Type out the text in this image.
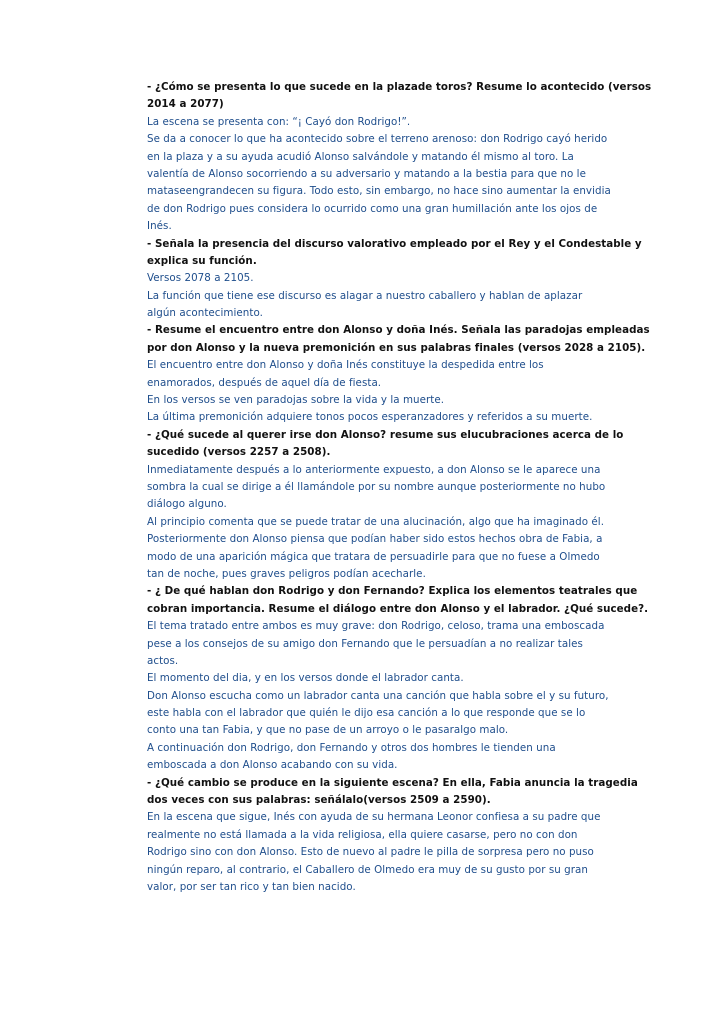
- ¿Cómo se presenta lo que sucede en la plazade toros? Resume lo acontecido (versos
2014 a 2077)
La escena se presenta con: “¡ Cayó don Rodrigo!”.
Se da a conocer lo que ha acontecido sobre el terreno arenoso: don Rodrigo cayó herido
en la plaza y a su ayuda acudió Alonso salvándole y matando él mismo al toro. La
valentía de Alonso socorriendo a su adversario y matando a la bestia para que no le
mataseengrandecen su figura. Todo esto, sin embargo, no hace sino aumentar la envidia
de don Rodrigo pues considera lo ocurrido como una gran humillación ante los ojos de
Inés.
- Señala la presencia del discurso valorativo empleado por el Rey y el Condestable y
explica su función.
Versos 2078 a 2105.
La función que tiene ese discurso es alagar a nuestro caballero y hablan de aplazar
algún acontecimiento.
- Resume el encuentro entre don Alonso y doña Inés. Señala las paradojas empleadas
por don Alonso y la nueva premonición en sus palabras finales (versos 2028 a 2105).
El encuentro entre don Alonso y doña Inés constituye la despedida entre los
enamorados, después de aquel día de fiesta.
En los versos se ven paradojas sobre la vida y la muerte.
La última premonición adquiere tonos pocos esperanzadores y referidos a su muerte.
- ¿Qué sucede al querer irse don Alonso? resume sus elucubraciones acerca de lo
sucedido (versos 2257 a 2508).
Inmediatamente después a lo anteriormente expuesto, a don Alonso se le aparece una
sombra la cual se dirige a él llamándole por su nombre aunque posteriormente no hubo
diálogo alguno.
Al principio comenta que se puede tratar de una alucinación, algo que ha imaginado él.
Posteriormente don Alonso piensa que podían haber sido estos hechos obra de Fabia, a
modo de una aparición mágica que tratara de persuadirle para que no fuese a Olmedo
tan de noche, pues graves peligros podían acecharle.
- ¿ De qué hablan don Rodrigo y don Fernando? Explica los elementos teatrales que
cobran importancia. Resume el diálogo entre don Alonso y el labrador. ¿Qué sucede?.
El tema tratado entre ambos es muy grave: don Rodrigo, celoso, trama una emboscada
pese a los consejos de su amigo don Fernando que le persuadían a no realizar tales
actos.
El momento del dia, y en los versos donde el labrador canta.
Don Alonso escucha como un labrador canta una canción que habla sobre el y su futuro,
este habla con el labrador que quién le dijo esa canción a lo que responde que se lo
conto una tan Fabia, y que no pase de un arroyo o le pasaralgo malo.
A continuación don Rodrigo, don Fernando y otros dos hombres le tienden una
emboscada a don Alonso acabando con su vida.
- ¿Qué cambio se produce en la siguiente escena? En ella, Fabia anuncia la tragedia
dos veces con sus palabras: señálalo(versos 2509 a 2590).
En la escena que sigue, Inés con ayuda de su hermana Leonor confiesa a su padre que
realmente no está llamada a la vida religiosa, ella quiere casarse, pero no con don
Rodrigo sino con don Alonso. Esto de nuevo al padre le pilla de sorpresa pero no puso
ningún reparo, al contrario, el Caballero de Olmedo era muy de su gusto por su gran
valor, por ser tan rico y tan bien nacido.
